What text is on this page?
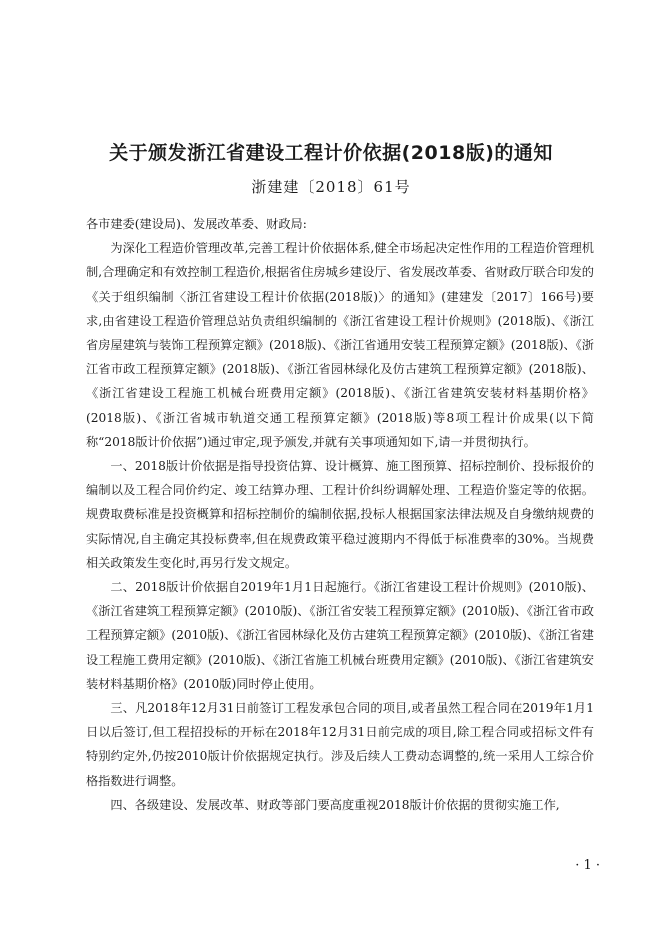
关于颁发浙江省建设工程计价依据(2018版)的通知
浙建建〔2018〕61号

各市建委(建设局)、发展改革委、财政局:

为深化工程造价管理改革,完善工程计价依据体系,健全市场起决定性作用的工程造价管理机制,合理确定和有效控制工程造价,根据省住房城乡建设厅、省发展改革委、省财政厅联合印发的《关于组织编制〈浙江省建设工程计价依据(2018版)〉的通知》(建建发〔2017〕166号)要求,由省建设工程造价管理总站负责组织编制的《浙江省建设工程计价规则》(2018版)、《浙江省房屋建筑与装饰工程预算定额》(2018版)、《浙江省通用安装工程预算定额》(2018版)、《浙江省市政工程预算定额》(2018版)、《浙江省园林绿化及仿古建筑工程预算定额》(2018版)、《浙江省建设工程施工机械台班费用定额》(2018版)、《浙江省建筑安装材料基期价格》(2018版)、《浙江省城市轨道交通工程预算定额》(2018版)等8项工程计价成果(以下简称“2018版计价依据”)通过审定,现予颁发,并就有关事项通知如下,请一并贯彻执行。

一、2018版计价依据是指导投资估算、设计概算、施工图预算、招标控制价、投标报价的编制以及工程合同价约定、竣工结算办理、工程计价纠纷调解处理、工程造价鉴定等的依据。规费取费标准是投资概算和招标控制价的编制依据,投标人根据国家法律法规及自身缴纳规费的实际情况,自主确定其投标费率,但在规费政策平稳过渡期内不得低于标准费率的30%。当规费相关政策发生变化时,再另行发文规定。

二、2018版计价依据自2019年1月1日起施行。《浙江省建设工程计价规则》(2010版)、《浙江省建筑工程预算定额》(2010版)、《浙江省安装工程预算定额》(2010版)、《浙江省市政工程预算定额》(2010版)、《浙江省园林绿化及仿古建筑工程预算定额》(2010版)、《浙江省建设工程施工费用定额》(2010版)、《浙江省施工机械台班费用定额》(2010版)、《浙江省建筑安装材料基期价格》(2010版)同时停止使用。

三、凡2018年12月31日前签订工程发承包合同的项目,或者虽然工程合同在2019年1月1日以后签订,但工程招投标的开标在2018年12月31日前完成的项目,除工程合同或招标文件有特别约定外,仍按2010版计价依据规定执行。涉及后续人工费动态调整的,统一采用人工综合价格指数进行调整。

四、各级建设、发展改革、财政等部门要高度重视2018版计价依据的贯彻实施工作,

· 1 ·
